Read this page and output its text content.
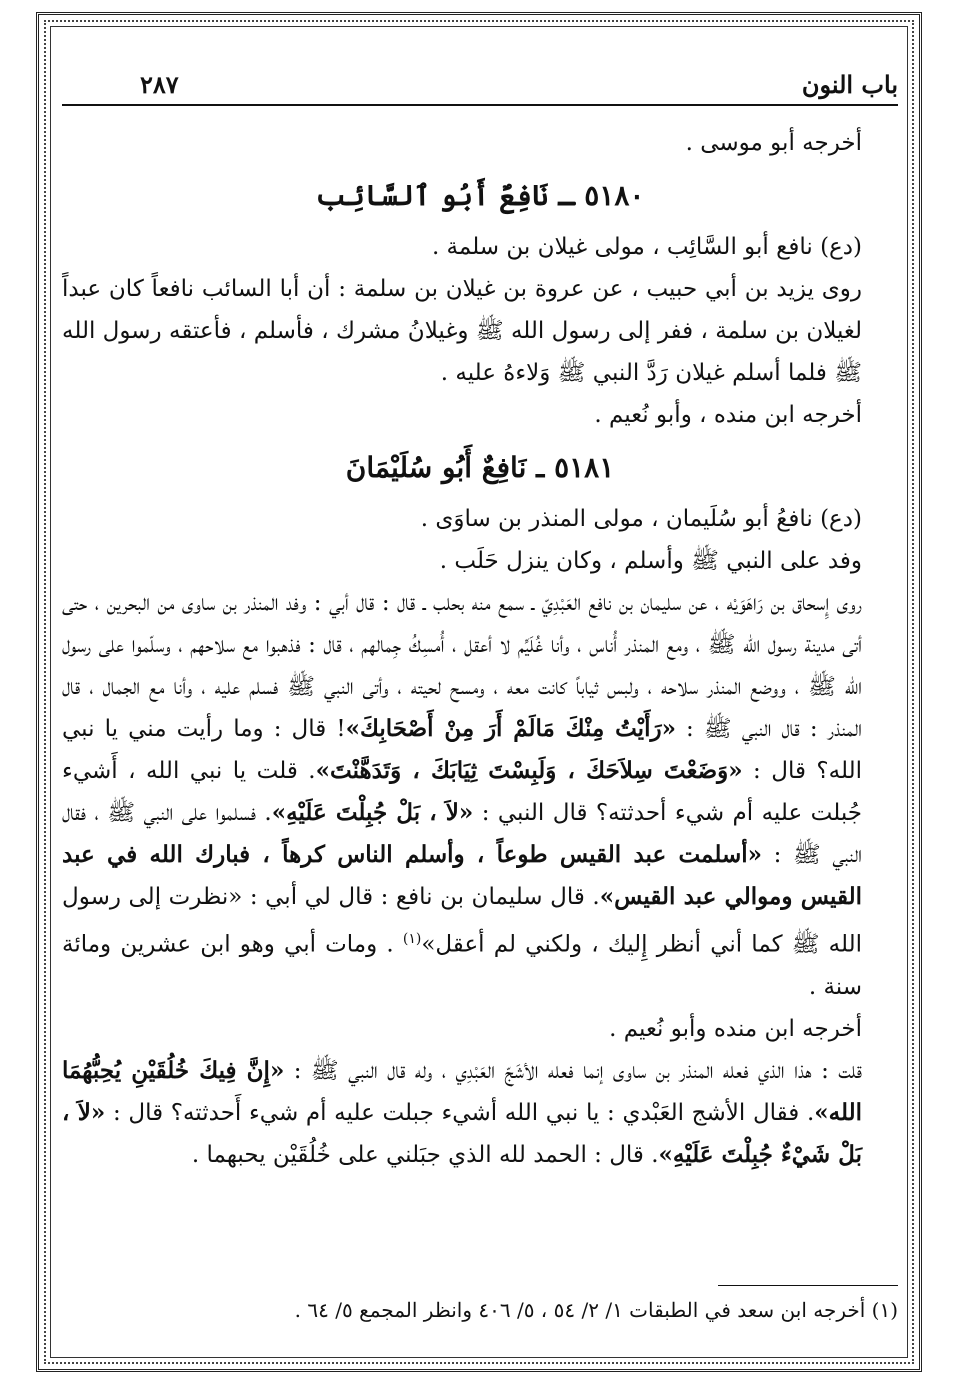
باب النون
٢٨٧

أخرجه أبو موسى .

٥١٨٠ ـ نَافِعٌ أَبُو ٱلسَّائِب

(دع) نافع أبو السَّائِب ، مولى غيلان بن سلمة .

روى يزيد بن أبي حبيب ، عن عروة بن غيلان بن سلمة : أن أبا السائب نافعاً كان عبداً لغيلان بن سلمة ، ففر إلى رسول الله ﷺ وغيلانُ مشرك ، فأسلم ، فأعتقه رسول الله ﷺ فلما أسلم غيلان رَدَّ النبي ﷺ وَلاءهُ عليه .

أخرجه ابن منده ، وأبو نُعيم .

٥١٨١ ـ نَافِعٌ أَبُو سُلَيْمَانَ

(دع) نافعُ أبو سُلَيمان ، مولى المنذر بن ساوَى .

وفد على النبي ﷺ وأسلم ، وكان ينزل حَلَب .

روى إِسحاق بن رَاهَوَيْه ، عن سليمان بن نافع العَبْدِيّ ـ سمع منه بحلب ـ قال : قال أبي : وفد المنذر بن ساوى من البحرين ، حتى أتى مدينة رسول الله ﷺ ، ومع المنذر أُناس ، وأنا غُلَيِّم لا أعقل ، أُمسِكُ جِمالهم ، قال : فذهبوا مع سلاحهم ، وسلّموا على رسول الله ﷺ ، ووضع المنذر سلاحه ، ولبس ثياباً كانت معه ، ومسح لحيته ، وأتى النبي ﷺ فسلم عليه ، وأنا مع الجمال ، قال المنذر : قال النبي ﷺ : «رَأَيْتُ مِنْكَ مَالَمْ أَرَ مِنْ أَصْحَابِكَ»! قال : وما رأيت مني يا نبي الله؟ قال : «وَضَعْتَ سِلاَحَكَ ، وَلَبِسْتَ ثِيَابَكَ ، وَتَدَهَّنْتَ». قلت يا نبي الله ، أَشيء جُبلت عليه أم شيء أحدثته؟ قال النبي : «لاَ ، بَلْ جُبِلْتَ عَلَيْهِ». فسلموا على النبي ﷺ ، فقال النبي ﷺ : «أسلمت عبد القيس طوعاً ، وأسلم الناس كرهاً ، فبارك الله في عبد القيس وموالي عبد القيس». قال سليمان بن نافع : قال لي أبي : «نظرت إلى رسول الله ﷺ كما أني أنظر إِليك ، ولكني لم أعقل»$^{(١)}$ . ومات أبي وهو ابن عشرين ومائة سنة .

أخرجه ابن منده وأبو نُعيم .

قلت : هذا الذي فعله المنذر بن ساوى إنما فعله الأشَجّ العَبْدِي ، وله قال النبي ﷺ : «إِنَّ فِيكَ خُلُقَيْنِ يُحِبُّهُمَا الله». فقال الأشج العَبْدي : يا نبي الله أشيء جبلت عليه أم شيء أَحدثته؟ قال : «لاَ ، بَلْ شَيْءٌ جُبِلْتَ عَلَيْهِ». قال : الحمد لله الذي جبَلني على خُلُقَيْن يحبهما .

(١) أخرجه ابن سعد في الطبقات ١/ ٢/ ٥٤ ، ٥/ ٤٠٦ وانظر المجمع ٥/ ٦٤ .
